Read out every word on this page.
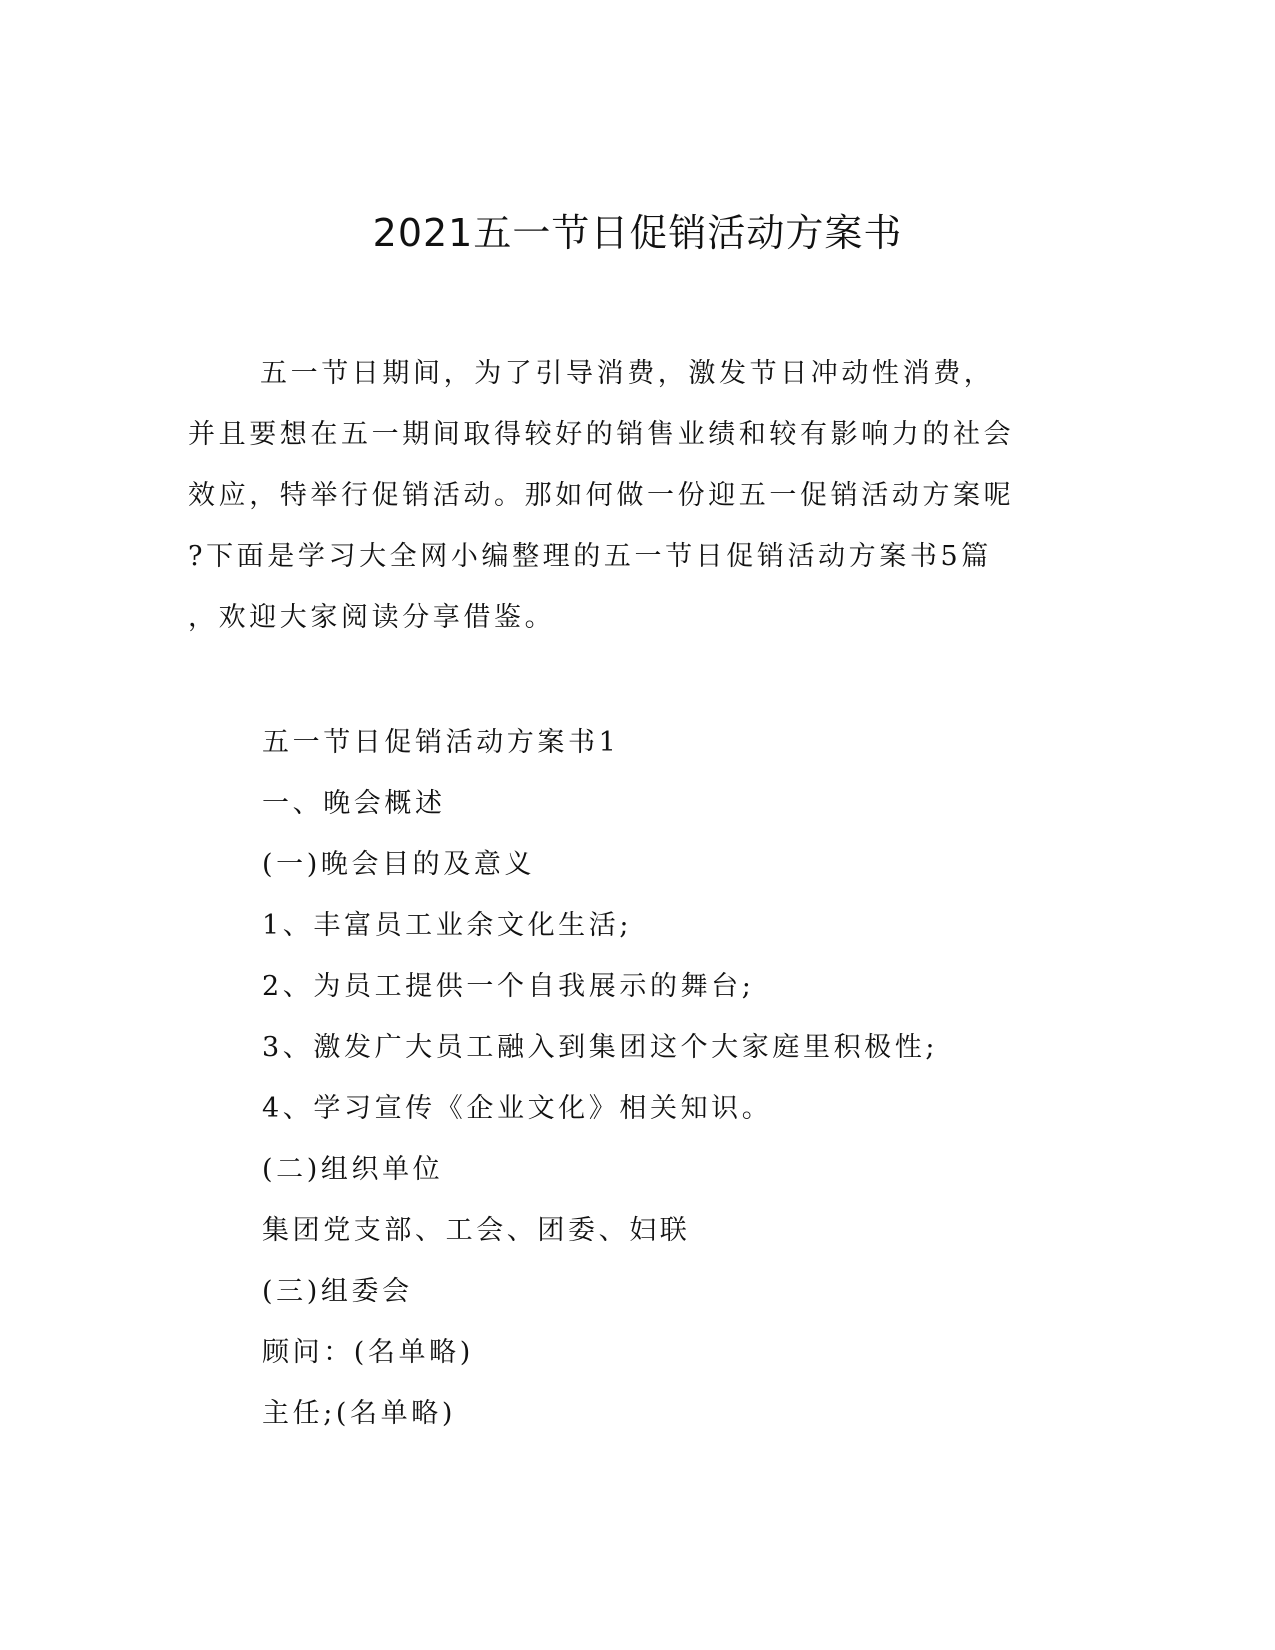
2021五一节日促销活动方案书
五一节日期间，为了引导消费，激发节日冲动性消费，
并且要想在五一期间取得较好的销售业绩和较有影响力的社会
效应，特举行促销活动。那如何做一份迎五一促销活动方案呢
?下面是学习大全网小编整理的五一节日促销活动方案书5篇
，欢迎大家阅读分享借鉴。
五一节日促销活动方案书1
一、晚会概述
(一)晚会目的及意义
1、丰富员工业余文化生活;
2、为员工提供一个自我展示的舞台;
3、激发广大员工融入到集团这个大家庭里积极性;
4、学习宣传《企业文化》相关知识。
(二)组织单位
集团党支部、工会、团委、妇联
(三)组委会
顾问：(名单略)
主任;(名单略)
